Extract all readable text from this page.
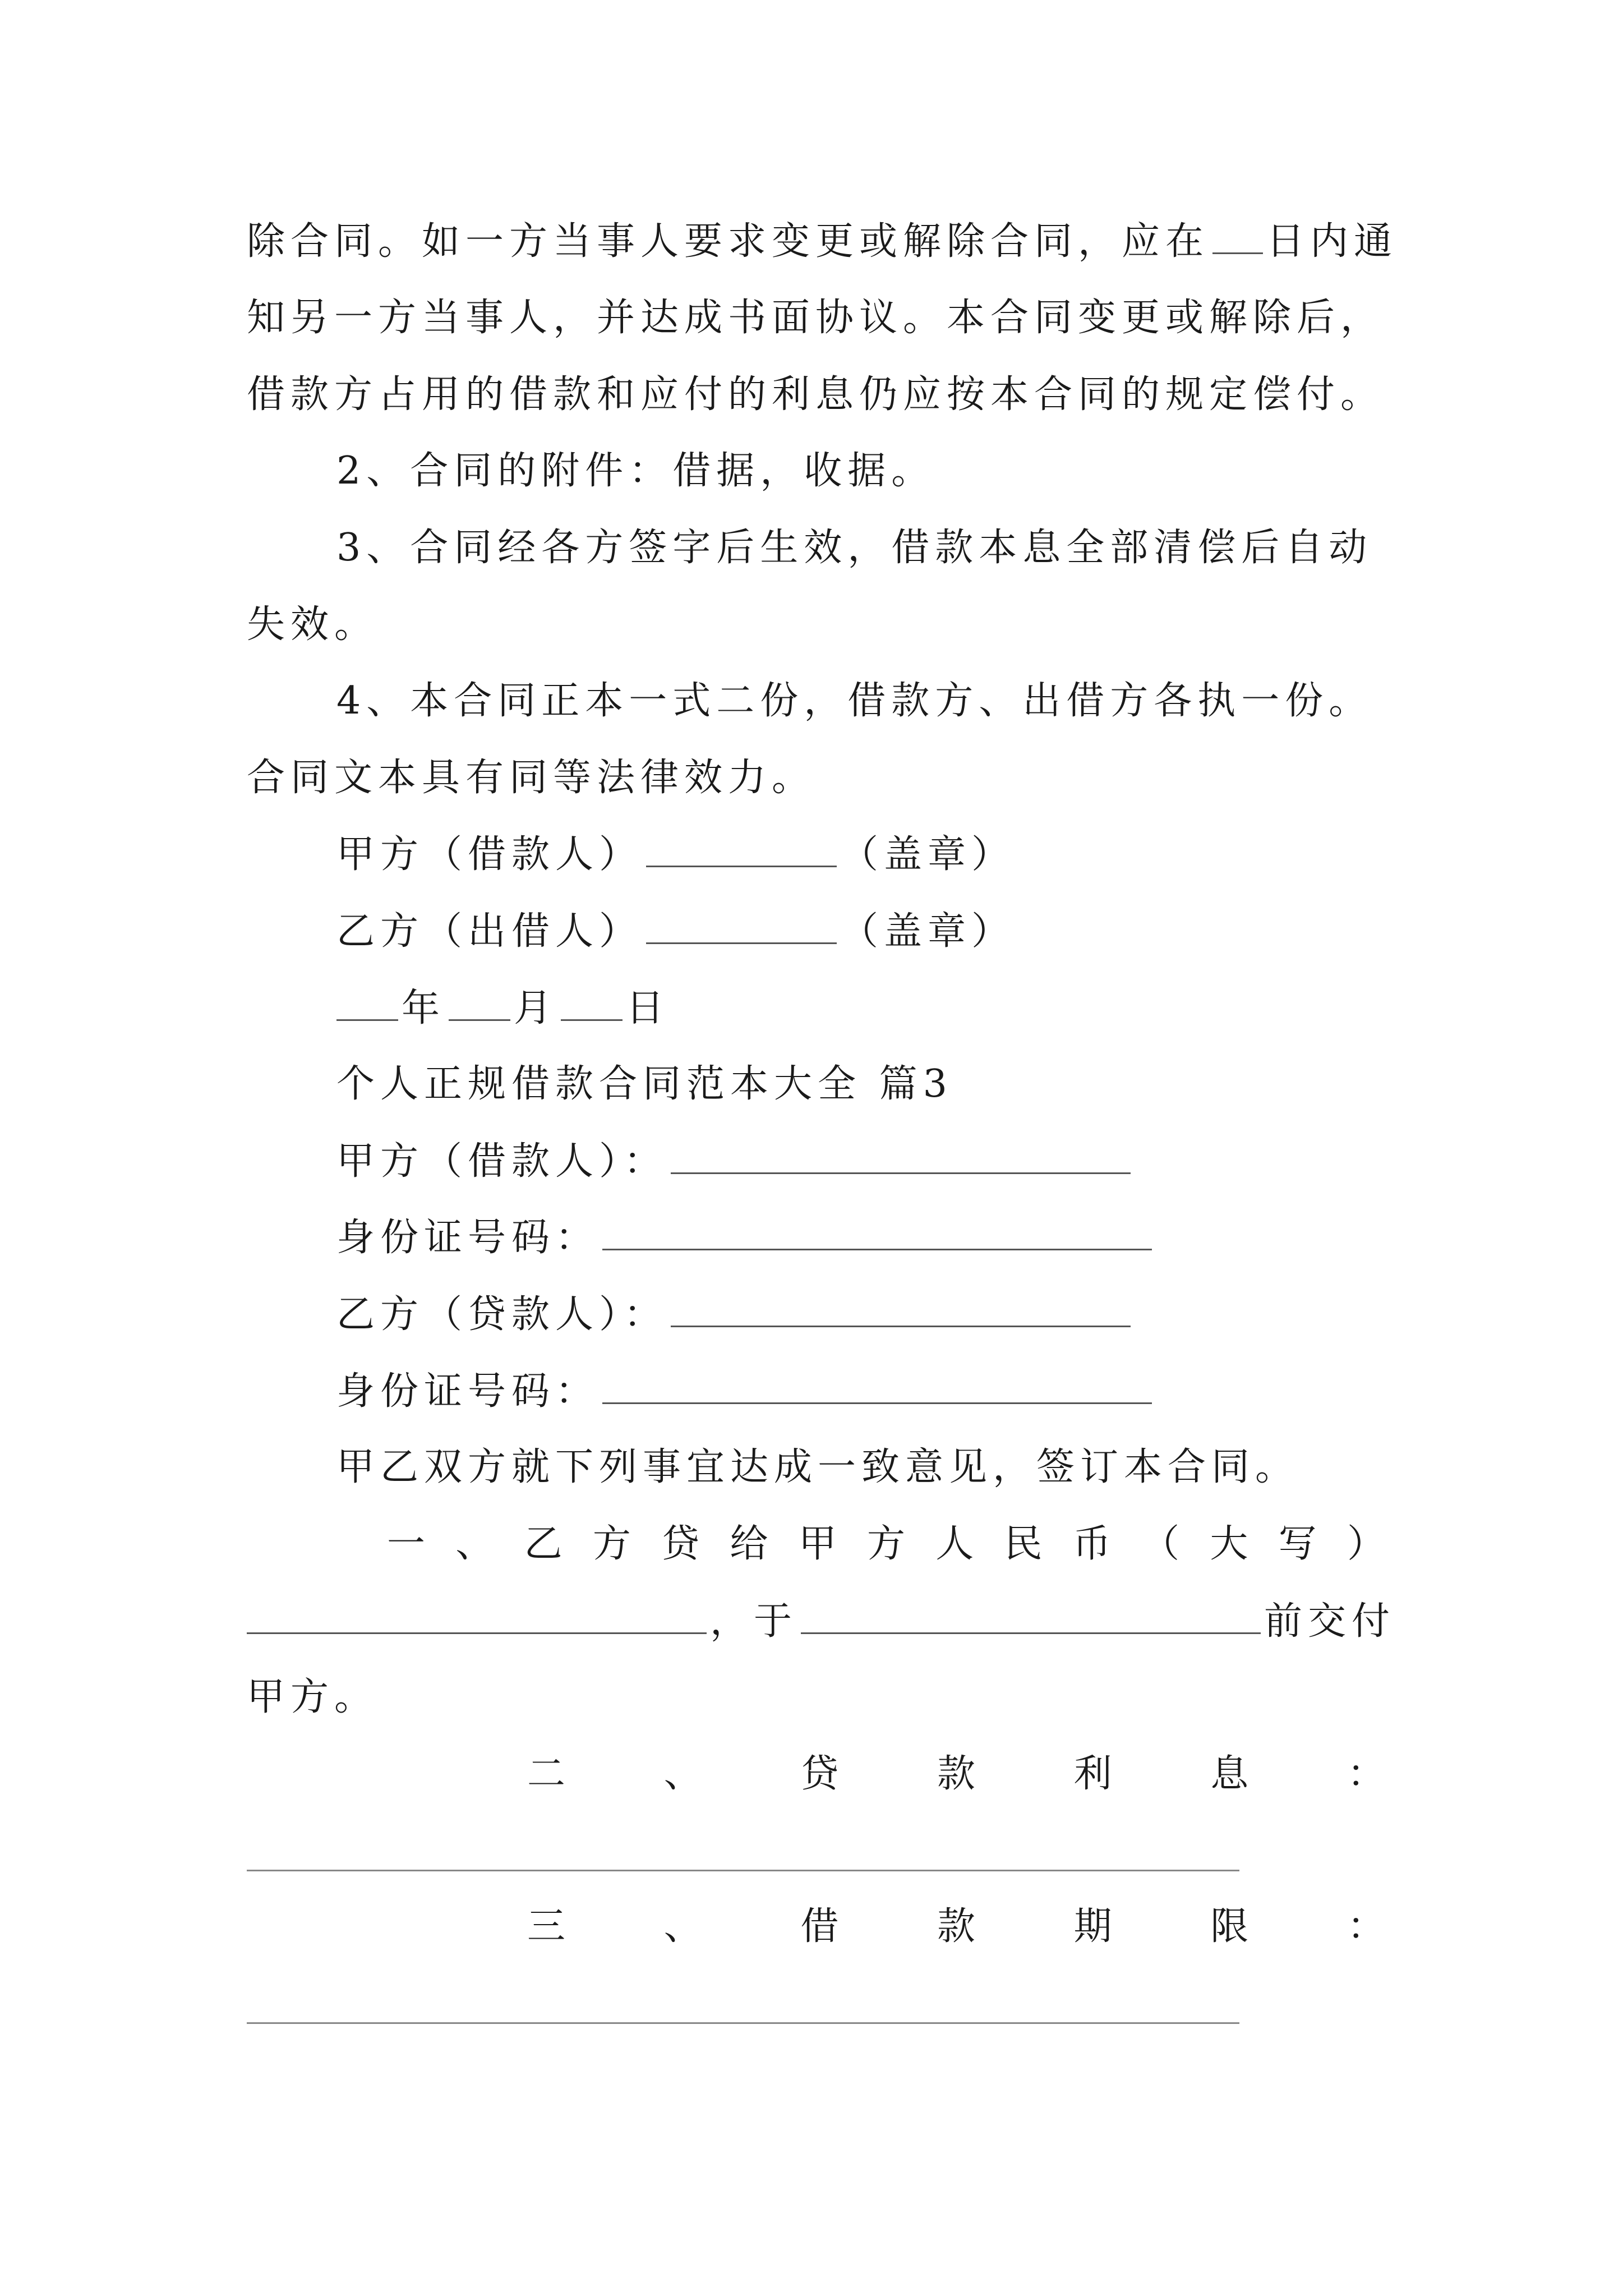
除合同。如一方当事人要求变更或解除合同，应在 日内通
知另一方当事人，并达成书面协议。本合同变更或解除后，
借款方占用的借款和应付的利息仍应按本合同的规定偿付。
2、合同的附件：借据，收据。
3、合同经各方签字后生效，借款本息全部清偿后自动
失效。
4、本合同正本一式二份，借款方、出借方各执一份。
合同文本具有同等法律效力。
甲方（借款人）	（盖章）
乙方（出借人）	（盖章）
年 月 日
个人正规借款合同范本大全 篇3
甲方（借款人）：
身份证号码：
乙方（贷款人）：
身份证号码：
甲乙双方就下列事宜达成一致意见，签订本合同。
一 、 乙 方 贷 给 甲 方 人 民 币 （ 大 写 ）
，于	前交付
甲方。
二	、	贷	款	利	息	：
三	、	借	款	期	限	：
